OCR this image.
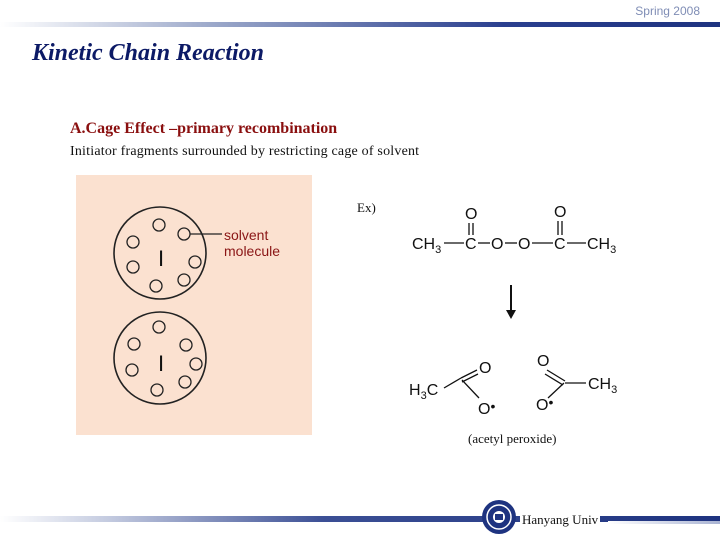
Spring 2008
Kinetic Chain Reaction
A.Cage Effect –primary recombination
Initiator fragments surrounded by restricting cage of solvent
I
I
solvent
molecule	$CH_3$ C
O
O O C
O
$CH_3$
$H_3C$
O
O•
O
$CH_3$
O•
Ex)
(acetyl peroxide)
Hanyang Univ
